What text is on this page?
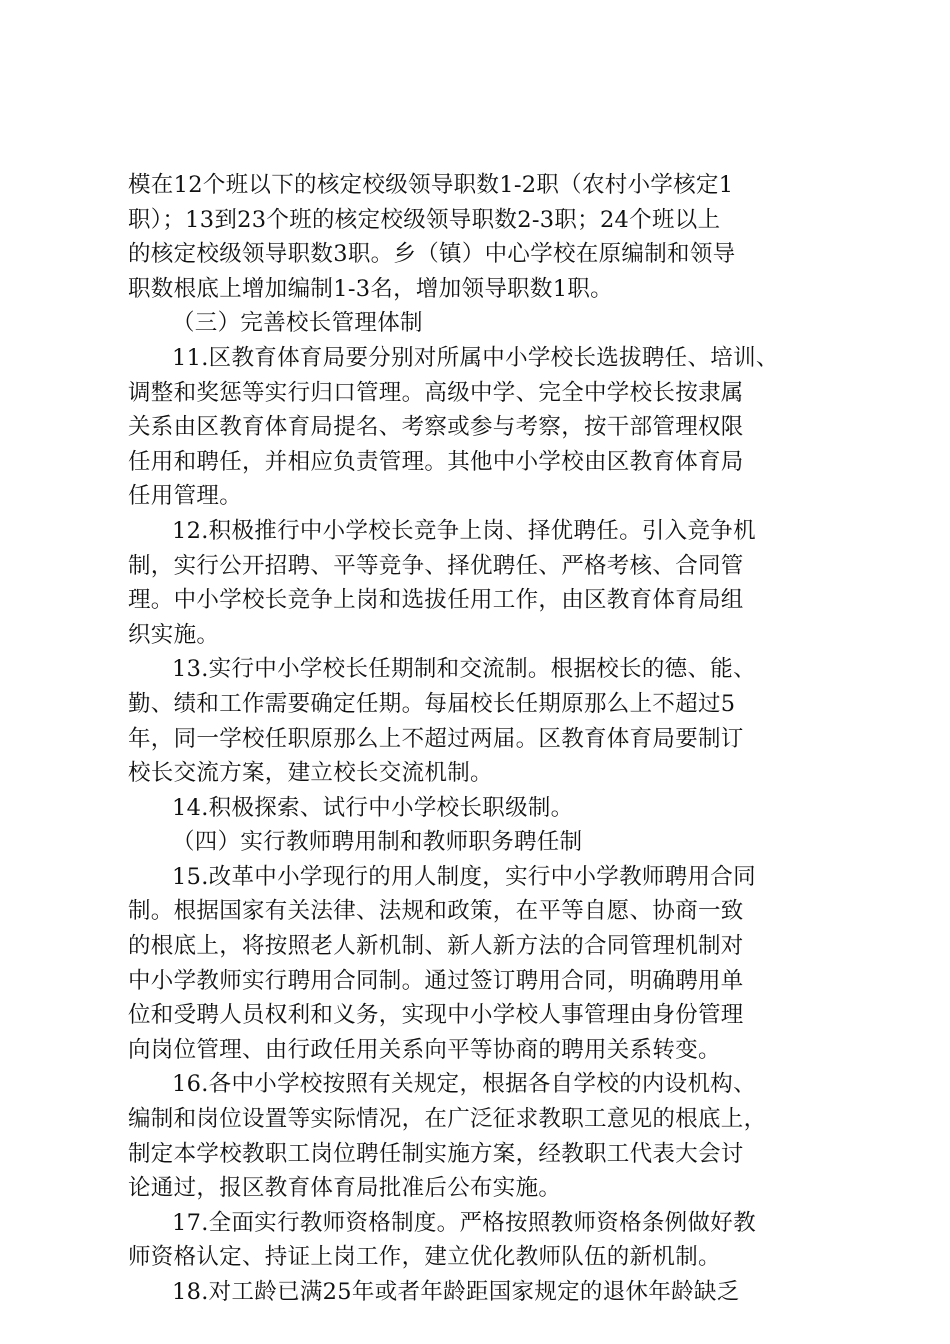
模在12个班以下的核定校级领导职数1-2职（农村小学核定1
职）；13到23个班的核定校级领导职数2-3职；24个班以上
的核定校级领导职数3职。乡（镇）中心学校在原编制和领导
职数根底上增加编制1-3名，增加领导职数1职。
（三）完善校长管理体制
11.区教育体育局要分别对所属中小学校长选拔聘任、培训、
调整和奖惩等实行归口管理。高级中学、完全中学校长按隶属
关系由区教育体育局提名、考察或参与考察，按干部管理权限
任用和聘任，并相应负责管理。其他中小学校由区教育体育局
任用管理。
12.积极推行中小学校长竞争上岗、择优聘任。引入竞争机
制，实行公开招聘、平等竞争、择优聘任、严格考核、合同管
理。中小学校长竞争上岗和选拔任用工作，由区教育体育局组
织实施。
13.实行中小学校长任期制和交流制。根据校长的德、能、
勤、绩和工作需要确定任期。每届校长任期原那么上不超过5
年，同一学校任职原那么上不超过两届。区教育体育局要制订
校长交流方案，建立校长交流机制。
14.积极探索、试行中小学校长职级制。
（四）实行教师聘用制和教师职务聘任制
15.改革中小学现行的用人制度，实行中小学教师聘用合同
制。根据国家有关法律、法规和政策，在平等自愿、协商一致
的根底上，将按照老人新机制、新人新方法的合同管理机制对
中小学教师实行聘用合同制。通过签订聘用合同，明确聘用单
位和受聘人员权利和义务，实现中小学校人事管理由身份管理
向岗位管理、由行政任用关系向平等协商的聘用关系转变。
16.各中小学校按照有关规定，根据各自学校的内设机构、
编制和岗位设置等实际情况，在广泛征求教职工意见的根底上，
制定本学校教职工岗位聘任制实施方案，经教职工代表大会讨
论通过，报区教育体育局批准后公布实施。
17.全面实行教师资格制度。严格按照教师资格条例做好教
师资格认定、持证上岗工作，建立优化教师队伍的新机制。
18.对工龄已满25年或者年龄距国家规定的退休年龄缺乏
